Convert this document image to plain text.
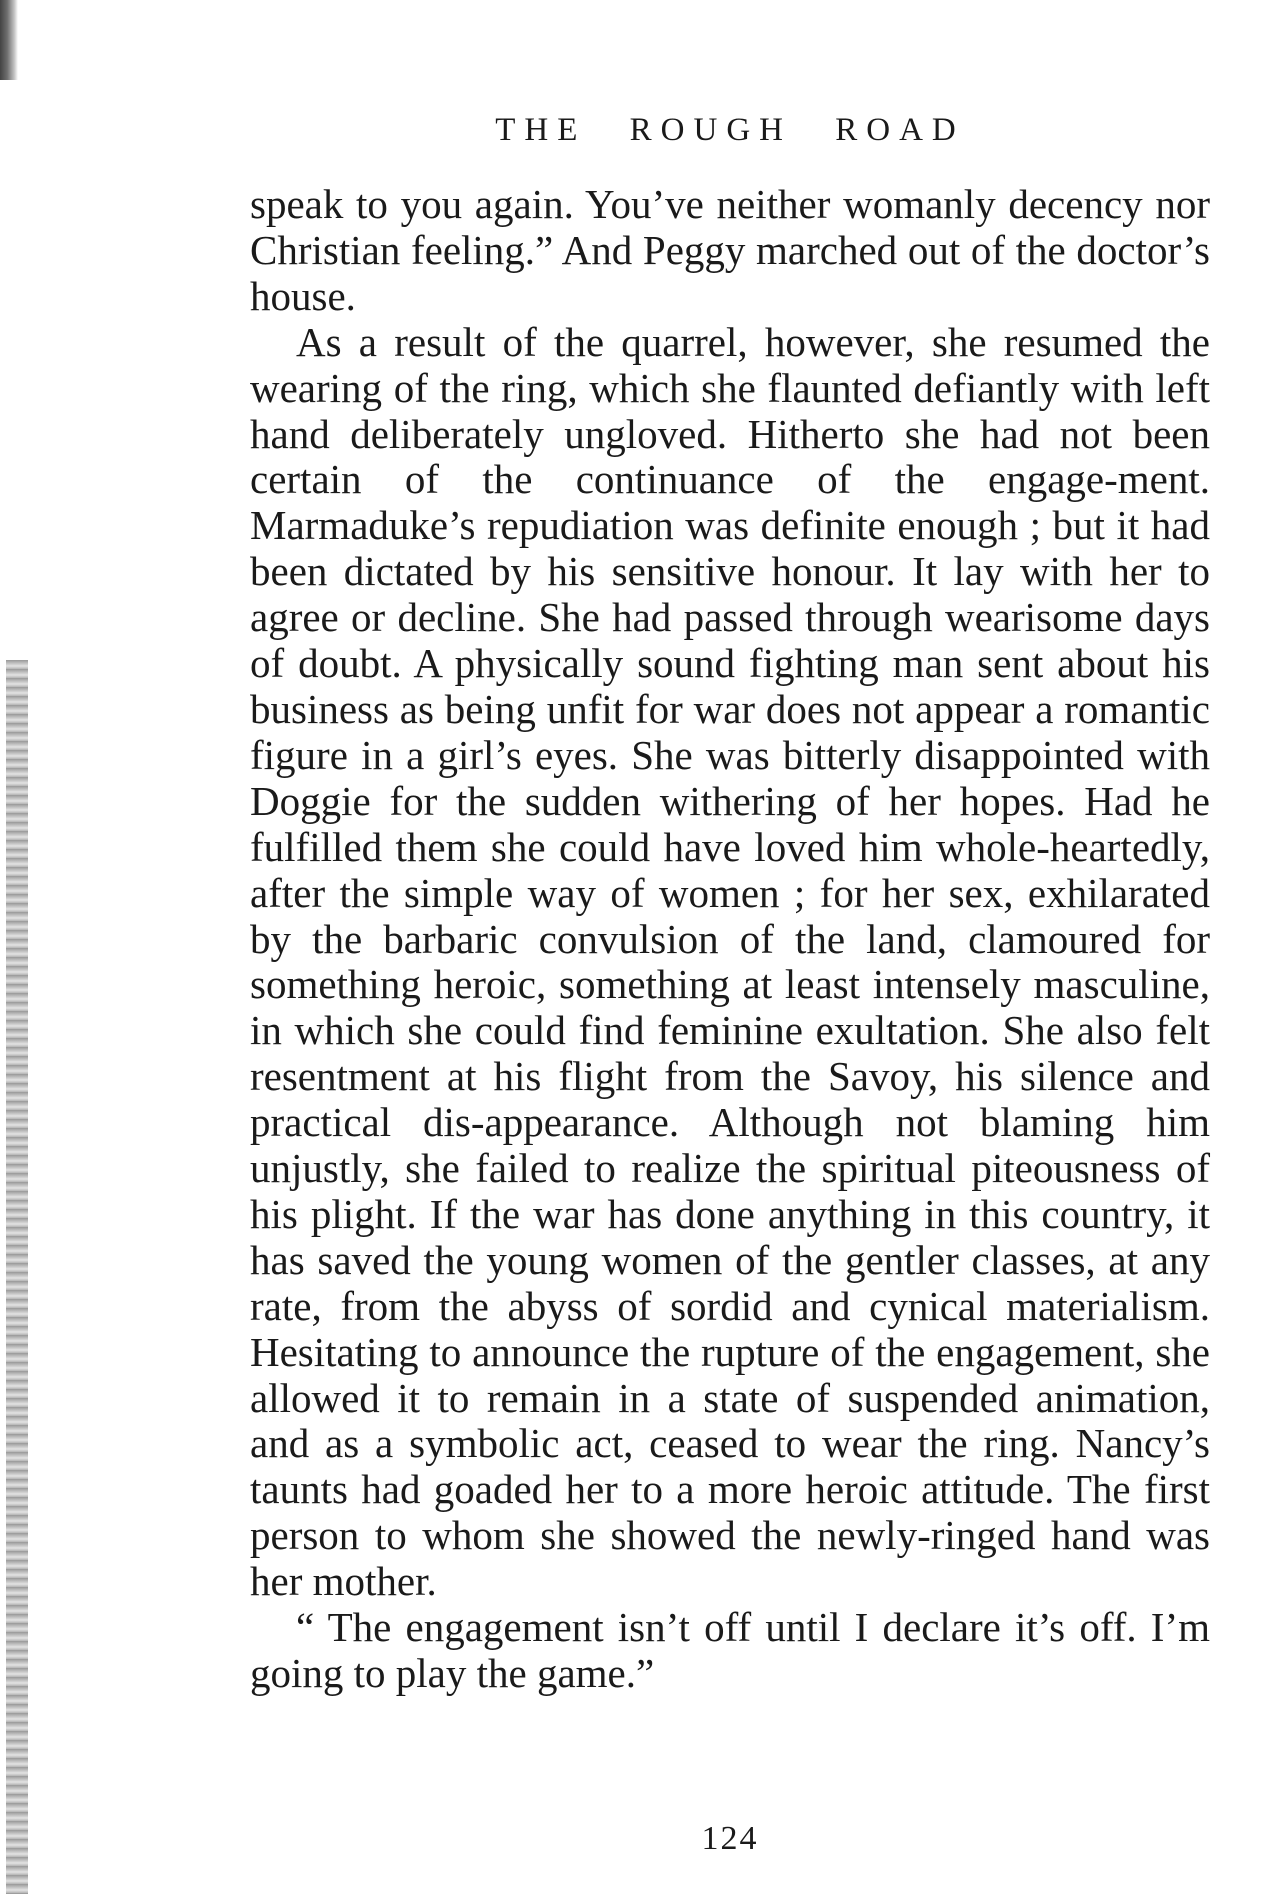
THE ROUGH ROAD

speak to you again. You’ve neither womanly decency nor Christian feeling.” And Peggy marched out of the doctor’s house.

As a result of the quarrel, however, she resumed the wearing of the ring, which she flaunted defiantly with left hand deliberately ungloved. Hitherto she had not been certain of the continuance of the engage-ment. Marmaduke’s repudiation was definite enough ; but it had been dictated by his sensitive honour. It lay with her to agree or decline. She had passed through wearisome days of doubt. A physically sound fighting man sent about his business as being unfit for war does not appear a romantic figure in a girl’s eyes. She was bitterly disappointed with Doggie for the sudden withering of her hopes. Had he fulfilled them she could have loved him whole-heartedly, after the simple way of women ; for her sex, exhilarated by the barbaric convulsion of the land, clamoured for something heroic, something at least intensely masculine, in which she could find feminine exultation. She also felt resentment at his flight from the Savoy, his silence and practical dis-appearance. Although not blaming him unjustly, she failed to realize the spiritual piteousness of his plight. If the war has done anything in this country, it has saved the young women of the gentler classes, at any rate, from the abyss of sordid and cynical materialism. Hesitating to announce the rupture of the engagement, she allowed it to remain in a state of suspended animation, and as a symbolic act, ceased to wear the ring. Nancy’s taunts had goaded her to a more heroic attitude. The first person to whom she showed the newly-ringed hand was her mother.

“ The engagement isn’t off until I declare it’s off. I’m going to play the game.”

124
